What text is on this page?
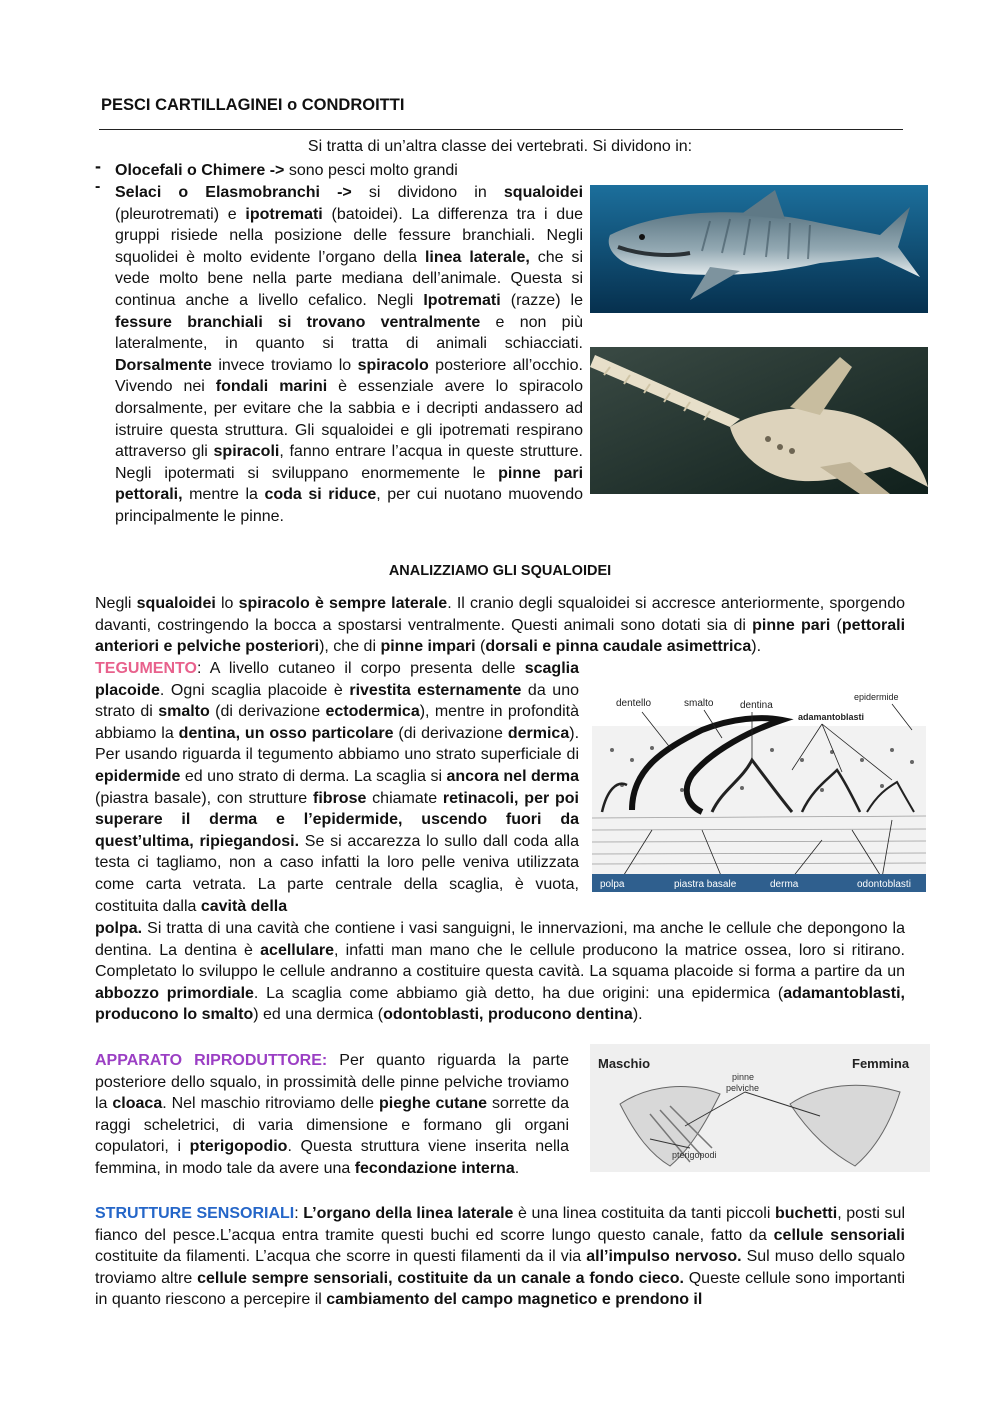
PESCI CARTILLAGINEI o CONDROITTI
Si tratta di un’altra classe dei vertebrati. Si dividono in:
- Olocefali o Chimere -> sono pesci molto grandi
- Selaci o Elasmobranchi -> si dividono in squaloidei (pleurotremati) e ipotremati (batoidei). La differenza tra i due gruppi risiede nella posizione delle fessure branchiali. Negli squolidei è molto evidente l’organo della linea laterale, che si vede molto bene nella parte mediana dell’animale. Questa si continua anche a livello cefalico. Negli Ipotremati (razze) le fessure branchiali si trovano ventralmente e non più lateralmente, in quanto si tratta di animali schiacciati. Dorsalmente invece troviamo lo spiracolo posteriore all’occhio. Vivendo nei fondali marini è essenziale avere lo spiracolo dorsalmente, per evitare che la sabbia e i decripti andassero ad istruire questa struttura. Gli squaloidei e gli ipotremati respirano attraverso gli spiracoli, fanno entrare l’acqua in queste strutture. Negli ipotermati si sviluppano enormemente le pinne pari pettorali, mentre la coda si riduce, per cui nuotano muovendo principalmente le pinne.
ANALIZZIAMO GLI SQUALOIDEI
Negli squaloidei lo spiracolo è sempre laterale. Il cranio degli squaloidei si accresce anteriormente, sporgendo davanti, costringendo la bocca a spostarsi ventralmente. Questi animali sono dotati sia di pinne pari (pettorali anteriori e pelviche posteriori), che di pinne impari (dorsali e pinna caudale asimettrica).
TEGUMENTO: A livello cutaneo il corpo presenta delle scaglia placoide. Ogni scaglia placoide è rivestita esternamente da uno strato di smalto (di derivazione ectodermica), mentre in profondità abbiamo la dentina, un osso particolare (di derivazione dermica). Per usando riguarda il tegumento abbiamo uno strato superficiale di epidermide ed uno strato di derma. La scaglia si ancora nel derma (piastra basale), con strutture fibrose chiamate retinacoli, per poi superare il derma e l’epidermide, uscendo fuori da quest’ultima, ripiegandosi. Se si accarezza lo sullo dall coda alla testa ci tagliamo, non a caso infatti la loro pelle veniva utilizzata come carta vetrata. La parte centrale della scaglia, è vuota, costituita dalla cavità della
dentello	smalto	dentina
epidermide
adamantoblasti
polpa	piastra basale	derma	odontoblasti
polpa. Si tratta di una cavità che contiene i vasi sanguigni, le innervazioni, ma anche le cellule che depongono la dentina. La dentina è acellulare, infatti man mano che le cellule producono la matrice ossea, loro si ritirano. Completato lo sviluppo le cellule andranno a costituire questa cavità. La squama placoide si forma a partire da un abbozzo primordiale. La scaglia come abbiamo già detto, ha due origini: una epidermica (adamantoblasti, producono lo smalto) ed una dermica (odontoblasti, producono dentina).
APPARATO RIPRODUTTORE: Per quanto riguarda la parte posteriore dello squalo, in prossimità delle pinne pelviche troviamo la cloaca. Nel maschio ritroviamo delle pieghe cutane sorrette da raggi scheletrici, di varia dimensione e formano gli organi copulatori, i pterigopodio. Questa struttura viene inserita nella femmina, in modo tale da avere una fecondazione interna.
Maschio	Femmina
pinne
pelviche
pterigopodi
STRUTTURE SENSORIALI: L’organo della linea laterale è una linea costituita da tanti piccoli buchetti, posti sul fianco del pesce.L’acqua entra tramite questi buchi ed scorre lungo questo canale, fatto da cellule sensoriali costituite da filamenti. L’acqua che scorre in questi filamenti da il via all’impulso nervoso. Sul muso dello squalo troviamo altre cellule sempre sensoriali, costituite da un canale a fondo cieco. Queste cellule sono importanti in quanto riescono a percepire il cambiamento del campo magnetico e prendono il
